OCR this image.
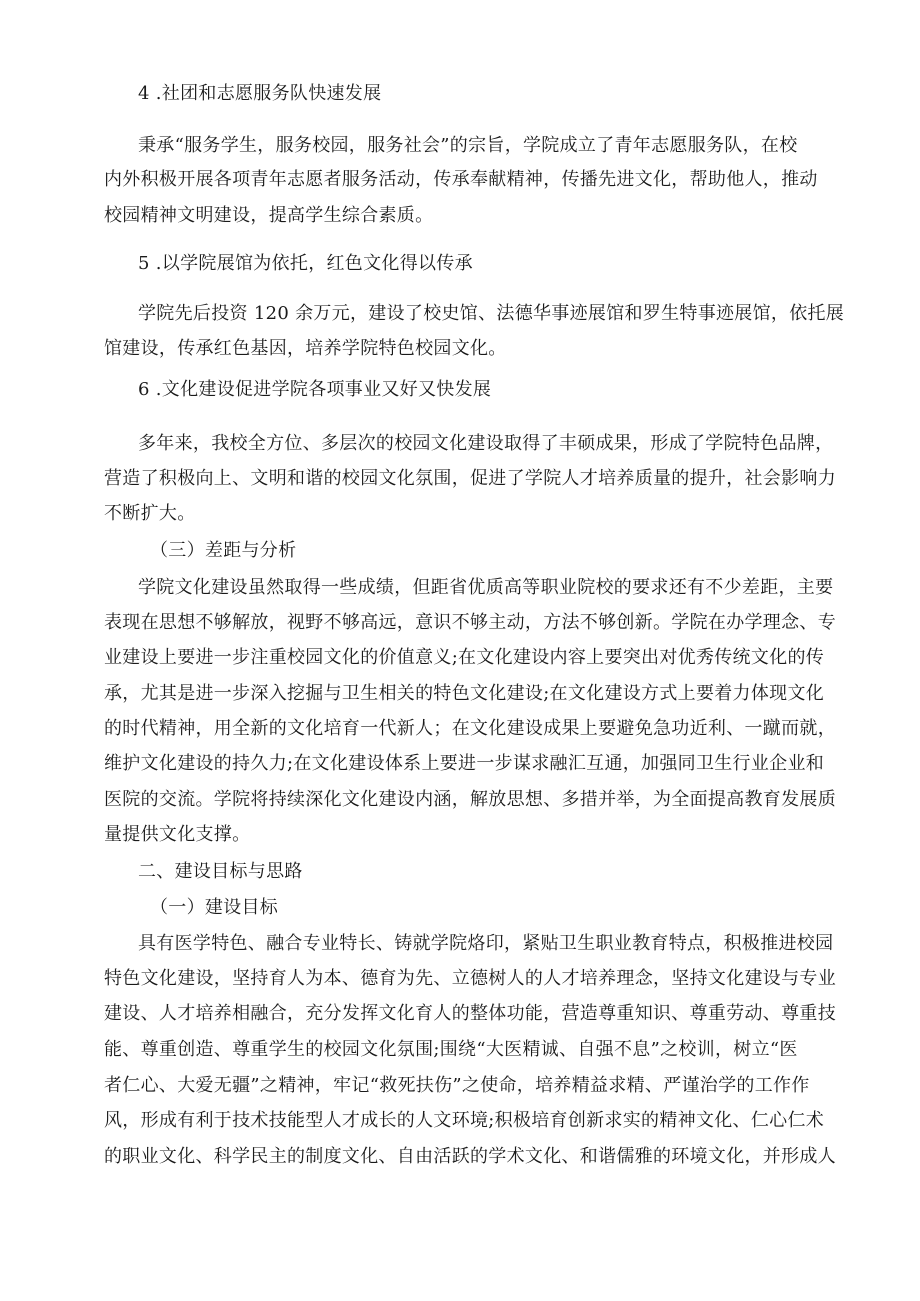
4 .社团和志愿服务队快速发展
秉承“服务学生，服务校园，服务社会”的宗旨，学院成立了青年志愿服务队，在校
内外积极开展各项青年志愿者服务活动，传承奉献精神，传播先进文化，帮助他人，推动
校园精神文明建设，提高学生综合素质。
5 .以学院展馆为依托，红色文化得以传承
学院先后投资 120 余万元，建设了校史馆、法德华事迹展馆和罗生特事迹展馆，依托展
馆建设，传承红色基因，培养学院特色校园文化。
6 .文化建设促进学院各项事业又好又快发展
多年来，我校全方位、多层次的校园文化建设取得了丰硕成果，形成了学院特色品牌，
营造了积极向上、文明和谐的校园文化氛围，促进了学院人才培养质量的提升，社会影响力
不断扩大。
（三）差距与分析
学院文化建设虽然取得一些成绩，但距省优质高等职业院校的要求还有不少差距，主要
表现在思想不够解放，视野不够高远，意识不够主动，方法不够创新。学院在办学理念、专
业建设上要进一步注重校园文化的价值意义;在文化建设内容上要突出对优秀传统文化的传
承，尤其是进一步深入挖掘与卫生相关的特色文化建设;在文化建设方式上要着力体现文化
的时代精神，用全新的文化培育一代新人；在文化建设成果上要避免急功近利、一蹴而就，
维护文化建设的持久力;在文化建设体系上要进一步谋求融汇互通，加强同卫生行业企业和
医院的交流。学院将持续深化文化建设内涵，解放思想、多措并举，为全面提高教育发展质
量提供文化支撑。
二、建设目标与思路
（一）建设目标
具有医学特色、融合专业特长、铸就学院烙印，紧贴卫生职业教育特点，积极推进校园
特色文化建设，坚持育人为本、德育为先、立德树人的人才培养理念，坚持文化建设与专业
建设、人才培养相融合，充分发挥文化育人的整体功能，营造尊重知识、尊重劳动、尊重技
能、尊重创造、尊重学生的校园文化氛围;围绕“大医精诚、自强不息”之校训，树立“医
者仁心、大爱无疆”之精神，牢记“救死扶伤”之使命，培养精益求精、严谨治学的工作作
风，形成有利于技术技能型人才成长的人文环境;积极培育创新求实的精神文化、仁心仁术
的职业文化、科学民主的制度文化、自由活跃的学术文化、和谐儒雅的环境文化，并形成人
